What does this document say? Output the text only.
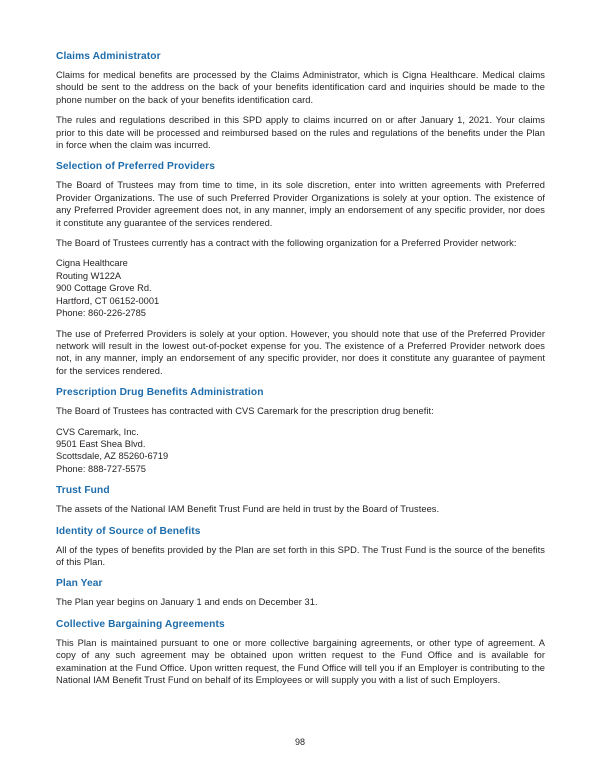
Claims Administrator

Claims for medical benefits are processed by the Claims Administrator, which is Cigna Healthcare. Medical claims should be sent to the address on the back of your benefits identification card and inquiries should be made to the phone number on the back of your benefits identification card.

The rules and regulations described in this SPD apply to claims incurred on or after January 1, 2021. Your claims prior to this date will be processed and reimbursed based on the rules and regulations of the benefits under the Plan in force when the claim was incurred.

Selection of Preferred Providers

The Board of Trustees may from time to time, in its sole discretion, enter into written agreements with Preferred Provider Organizations. The use of such Preferred Provider Organizations is solely at your option. The existence of any Preferred Provider agreement does not, in any manner, imply an endorsement of any specific provider, nor does it constitute any guarantee of the services rendered.

The Board of Trustees currently has a contract with the following organization for a Preferred Provider network:

Cigna Healthcare
Routing W122A
900 Cottage Grove Rd.
Hartford, CT 06152-0001
Phone: 860-226-2785

The use of Preferred Providers is solely at your option. However, you should note that use of the Preferred Provider network will result in the lowest out-of-pocket expense for you. The existence of a Preferred Provider network does not, in any manner, imply an endorsement of any specific provider, nor does it constitute any guarantee of payment for the services rendered.

Prescription Drug Benefits Administration

The Board of Trustees has contracted with CVS Caremark for the prescription drug benefit:

CVS Caremark, Inc.
9501 East Shea Blvd.
Scottsdale, AZ 85260-6719
Phone: 888-727-5575
Trust Fund

The assets of the National IAM Benefit Trust Fund are held in trust by the Board of Trustees.

Identity of Source of Benefits

All of the types of benefits provided by the Plan are set forth in this SPD. The Trust Fund is the source of the benefits of this Plan.

Plan Year

The Plan year begins on January 1 and ends on December 31.

Collective Bargaining Agreements

This Plan is maintained pursuant to one or more collective bargaining agreements, or other type of agreement. A copy of any such agreement may be obtained upon written request to the Fund Office and is available for examination at the Fund Office. Upon written request, the Fund Office will tell you if an Employer is contributing to the National IAM Benefit Trust Fund on behalf of its Employees or will supply you with a list of such Employers.

98
